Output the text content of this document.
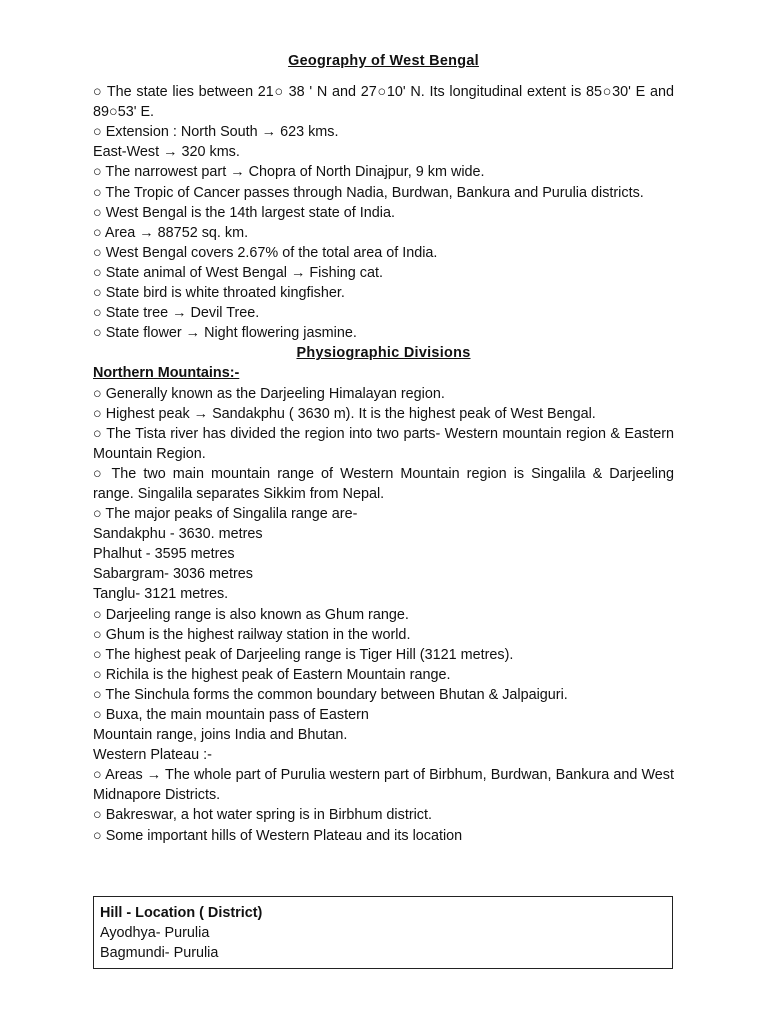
Geography of West Bengal

○ The state lies between 21○ 38 ' N and 27○10' N. Its longitudinal extent is 85○30' E and 89○53' E.

○ Extension : North South → 623 kms.

East-West → 320 kms.

○ The narrowest part → Chopra of North Dinajpur, 9 km wide.

○ The Tropic of Cancer passes through Nadia, Burdwan, Bankura and Purulia districts.

○ West Bengal is the 14th largest state of India.

○ Area → 88752 sq. km.

○ West Bengal covers 2.67% of the total area of India.

○ State animal of West Bengal → Fishing cat.

○ State bird is white throated kingfisher.

○ State tree → Devil Tree.

○ State flower → Night flowering jasmine.

Physiographic Divisions
Northern Mountains:-

○ Generally known as the Darjeeling Himalayan region.

○ Highest peak → Sandakphu ( 3630 m). It is the highest peak of West Bengal.

○ The Tista river has divided the region into two parts- Western mountain region & Eastern Mountain Region.

○ The two main mountain range of Western Mountain region is Singalila & Darjeeling range. Singalila separates Sikkim from Nepal.

○ The major peaks of Singalila range are-

Sandakphu - 3630. metres

Phalhut - 3595 metres

Sabargram- 3036 metres

Tanglu- 3121 metres.

○ Darjeeling range is also known as Ghum range.

○ Ghum is the highest railway station in the world.

○ The highest peak of Darjeeling range is Tiger Hill (3121 metres).

○ Richila is the highest peak of Eastern Mountain range.

○ The Sinchula forms the common boundary between Bhutan & Jalpaiguri.

○ Buxa, the main mountain pass of Eastern

Mountain range, joins India and Bhutan.

Western Plateau :-

○ Areas → The whole part of Purulia western part of Birbhum, Burdwan, Bankura and West Midnapore Districts.

○ Bakreswar, a hot water spring is in Birbhum district.

○ Some important hills of Western Plateau and its location

Hill - Location ( District)
Ayodhya- Purulia
Bagmundi- Purulia
